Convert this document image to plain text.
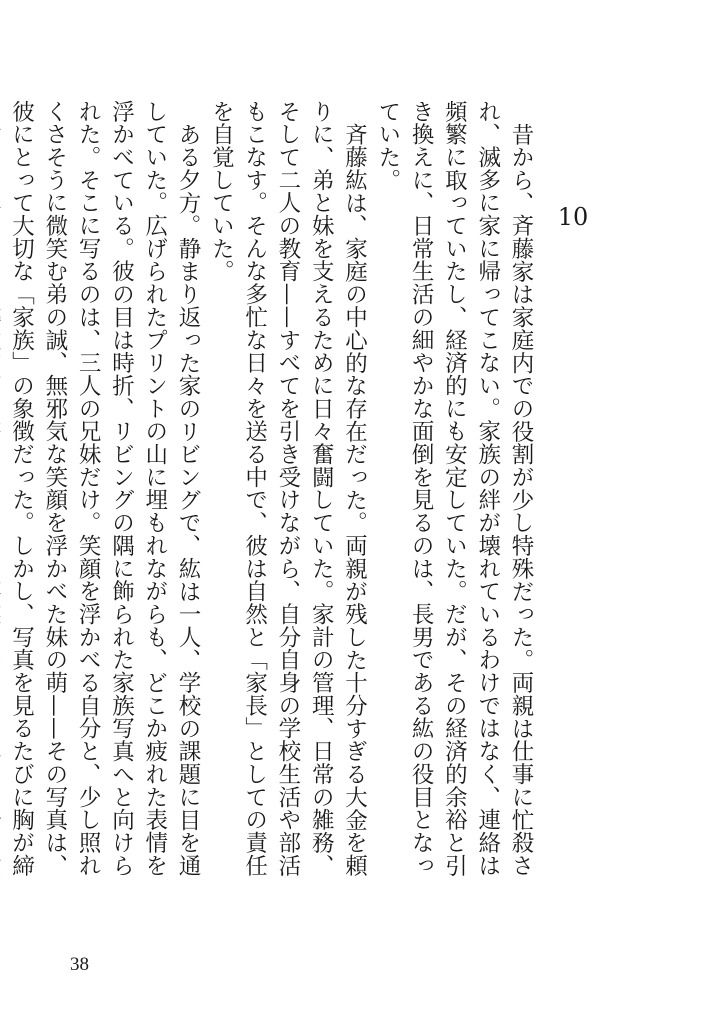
10

昔から、斉藤家は家庭内での役割が少し特殊だった。両親は仕事に忙殺され、滅多に家に帰ってこない。家族の絆が壊れているわけではなく、連絡は頻繁に取っていたし、経済的にも安定していた。だが、その経済的余裕と引き換えに、日常生活の細やかな面倒を見るのは、長男である紘の役目となっていた。

斉藤紘は、家庭の中心的な存在だった。両親が残した十分すぎる大金を頼りに、弟と妹を支えるために日々奮闘していた。家計の管理、日常の雑務、そして二人の教育——すべてを引き受けながら、自分自身の学校生活や部活もこなす。そんな多忙な日々を送る中で、彼は自然と「家長」としての責任を自覚していた。

ある夕方。静まり返った家のリビングで、紘は一人、学校の課題に目を通していた。広げられたプリントの山に埋もれながらも、どこか疲れた表情を浮かべている。彼の目は時折、リビングの隅に飾られた家族写真へと向けられた。そこに写るのは、三人の兄妹だけ。笑顔を浮かべる自分と、少し照れくさそうに微笑む弟の誠、無邪気な笑顔を浮かべた妹の萌——その写真は、彼にとって大切な「家族」の象徴だった。しかし、写真を見るたびに胸が締

38
